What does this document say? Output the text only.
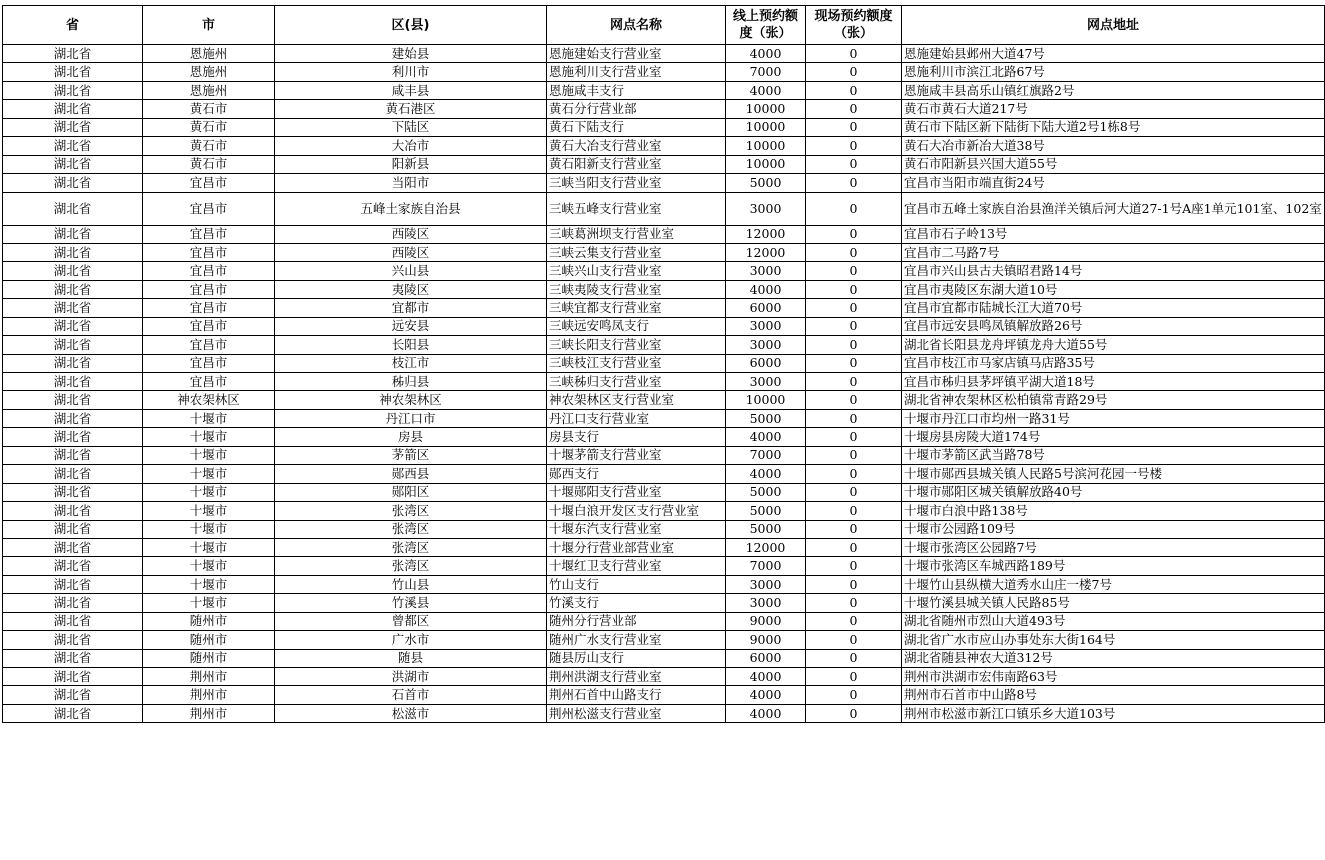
省	市	区(县)	网点名称	线上预约额度（张）	现场预约额度（张）	网点地址
湖北省	恩施州	建始县	恩施建始支行营业室	4000	0	恩施建始县邺州大道47号
湖北省	恩施州	利川市	恩施利川支行营业室	7000	0	恩施利川市滨江北路67号
湖北省	恩施州	咸丰县	恩施咸丰支行	4000	0	恩施咸丰县高乐山镇红旗路2号
湖北省	黄石市	黄石港区	黄石分行营业部	10000	0	黄石市黄石大道217号
湖北省	黄石市	下陆区	黄石下陆支行	10000	0	黄石市下陆区新下陆街下陆大道2号1栋8号
湖北省	黄石市	大冶市	黄石大冶支行营业室	10000	0	黄石大冶市新冶大道38号
湖北省	黄石市	阳新县	黄石阳新支行营业室	10000	0	黄石市阳新县兴国大道55号
湖北省	宜昌市	当阳市	三峡当阳支行营业室	5000	0	宜昌市当阳市端直街24号
湖北省	宜昌市	五峰土家族自治县	三峡五峰支行营业室	3000	0	宜昌市五峰土家族自治县渔洋关镇后河大道27-1号A座1单元101室、102室
湖北省	宜昌市	西陵区	三峡葛洲坝支行营业室	12000	0	宜昌市石子岭13号
湖北省	宜昌市	西陵区	三峡云集支行营业室	12000	0	宜昌市二马路7号
湖北省	宜昌市	兴山县	三峡兴山支行营业室	3000	0	宜昌市兴山县古夫镇昭君路14号
湖北省	宜昌市	夷陵区	三峡夷陵支行营业室	4000	0	宜昌市夷陵区东湖大道10号
湖北省	宜昌市	宜都市	三峡宜都支行营业室	6000	0	宜昌市宜都市陆城长江大道70号
湖北省	宜昌市	远安县	三峡远安鸣凤支行	3000	0	宜昌市远安县鸣凤镇解放路26号
湖北省	宜昌市	长阳县	三峡长阳支行营业室	3000	0	湖北省长阳县龙舟坪镇龙舟大道55号
湖北省	宜昌市	枝江市	三峡枝江支行营业室	6000	0	宜昌市枝江市马家店镇马店路35号
湖北省	宜昌市	秭归县	三峡秭归支行营业室	3000	0	宜昌市秭归县茅坪镇平湖大道18号
湖北省	神农架林区	神农架林区	神农架林区支行营业室	10000	0	湖北省神农架林区松柏镇常青路29号
湖北省	十堰市	丹江口市	丹江口支行营业室	5000	0	十堰市丹江口市均州一路31号
湖北省	十堰市	房县	房县支行	4000	0	十堰房县房陵大道174号
湖北省	十堰市	茅箭区	十堰茅箭支行营业室	7000	0	十堰市茅箭区武当路78号
湖北省	十堰市	郧西县	郧西支行	4000	0	十堰市郧西县城关镇人民路5号滨河花园一号楼
湖北省	十堰市	郧阳区	十堰郧阳支行营业室	5000	0	十堰市郧阳区城关镇解放路40号
湖北省	十堰市	张湾区	十堰白浪开发区支行营业室	5000	0	十堰市白浪中路138号
湖北省	十堰市	张湾区	十堰东汽支行营业室	5000	0	十堰市公园路109号
湖北省	十堰市	张湾区	十堰分行营业部营业室	12000	0	十堰市张湾区公园路7号
湖北省	十堰市	张湾区	十堰红卫支行营业室	7000	0	十堰市张湾区车城西路189号
湖北省	十堰市	竹山县	竹山支行	3000	0	十堰竹山县纵横大道秀水山庄一楼7号
湖北省	十堰市	竹溪县	竹溪支行	3000	0	十堰竹溪县城关镇人民路85号
湖北省	随州市	曾都区	随州分行营业部	9000	0	湖北省随州市烈山大道493号
湖北省	随州市	广水市	随州广水支行营业室	9000	0	湖北省广水市应山办事处东大街164号
湖北省	随州市	随县	随县厉山支行	6000	0	湖北省随县神农大道312号
湖北省	荆州市	洪湖市	荆州洪湖支行营业室	4000	0	荆州市洪湖市宏伟南路63号
湖北省	荆州市	石首市	荆州石首中山路支行	4000	0	荆州市石首市中山路8号
湖北省	荆州市	松滋市	荆州松滋支行营业室	4000	0	荆州市松滋市新江口镇乐乡大道103号
